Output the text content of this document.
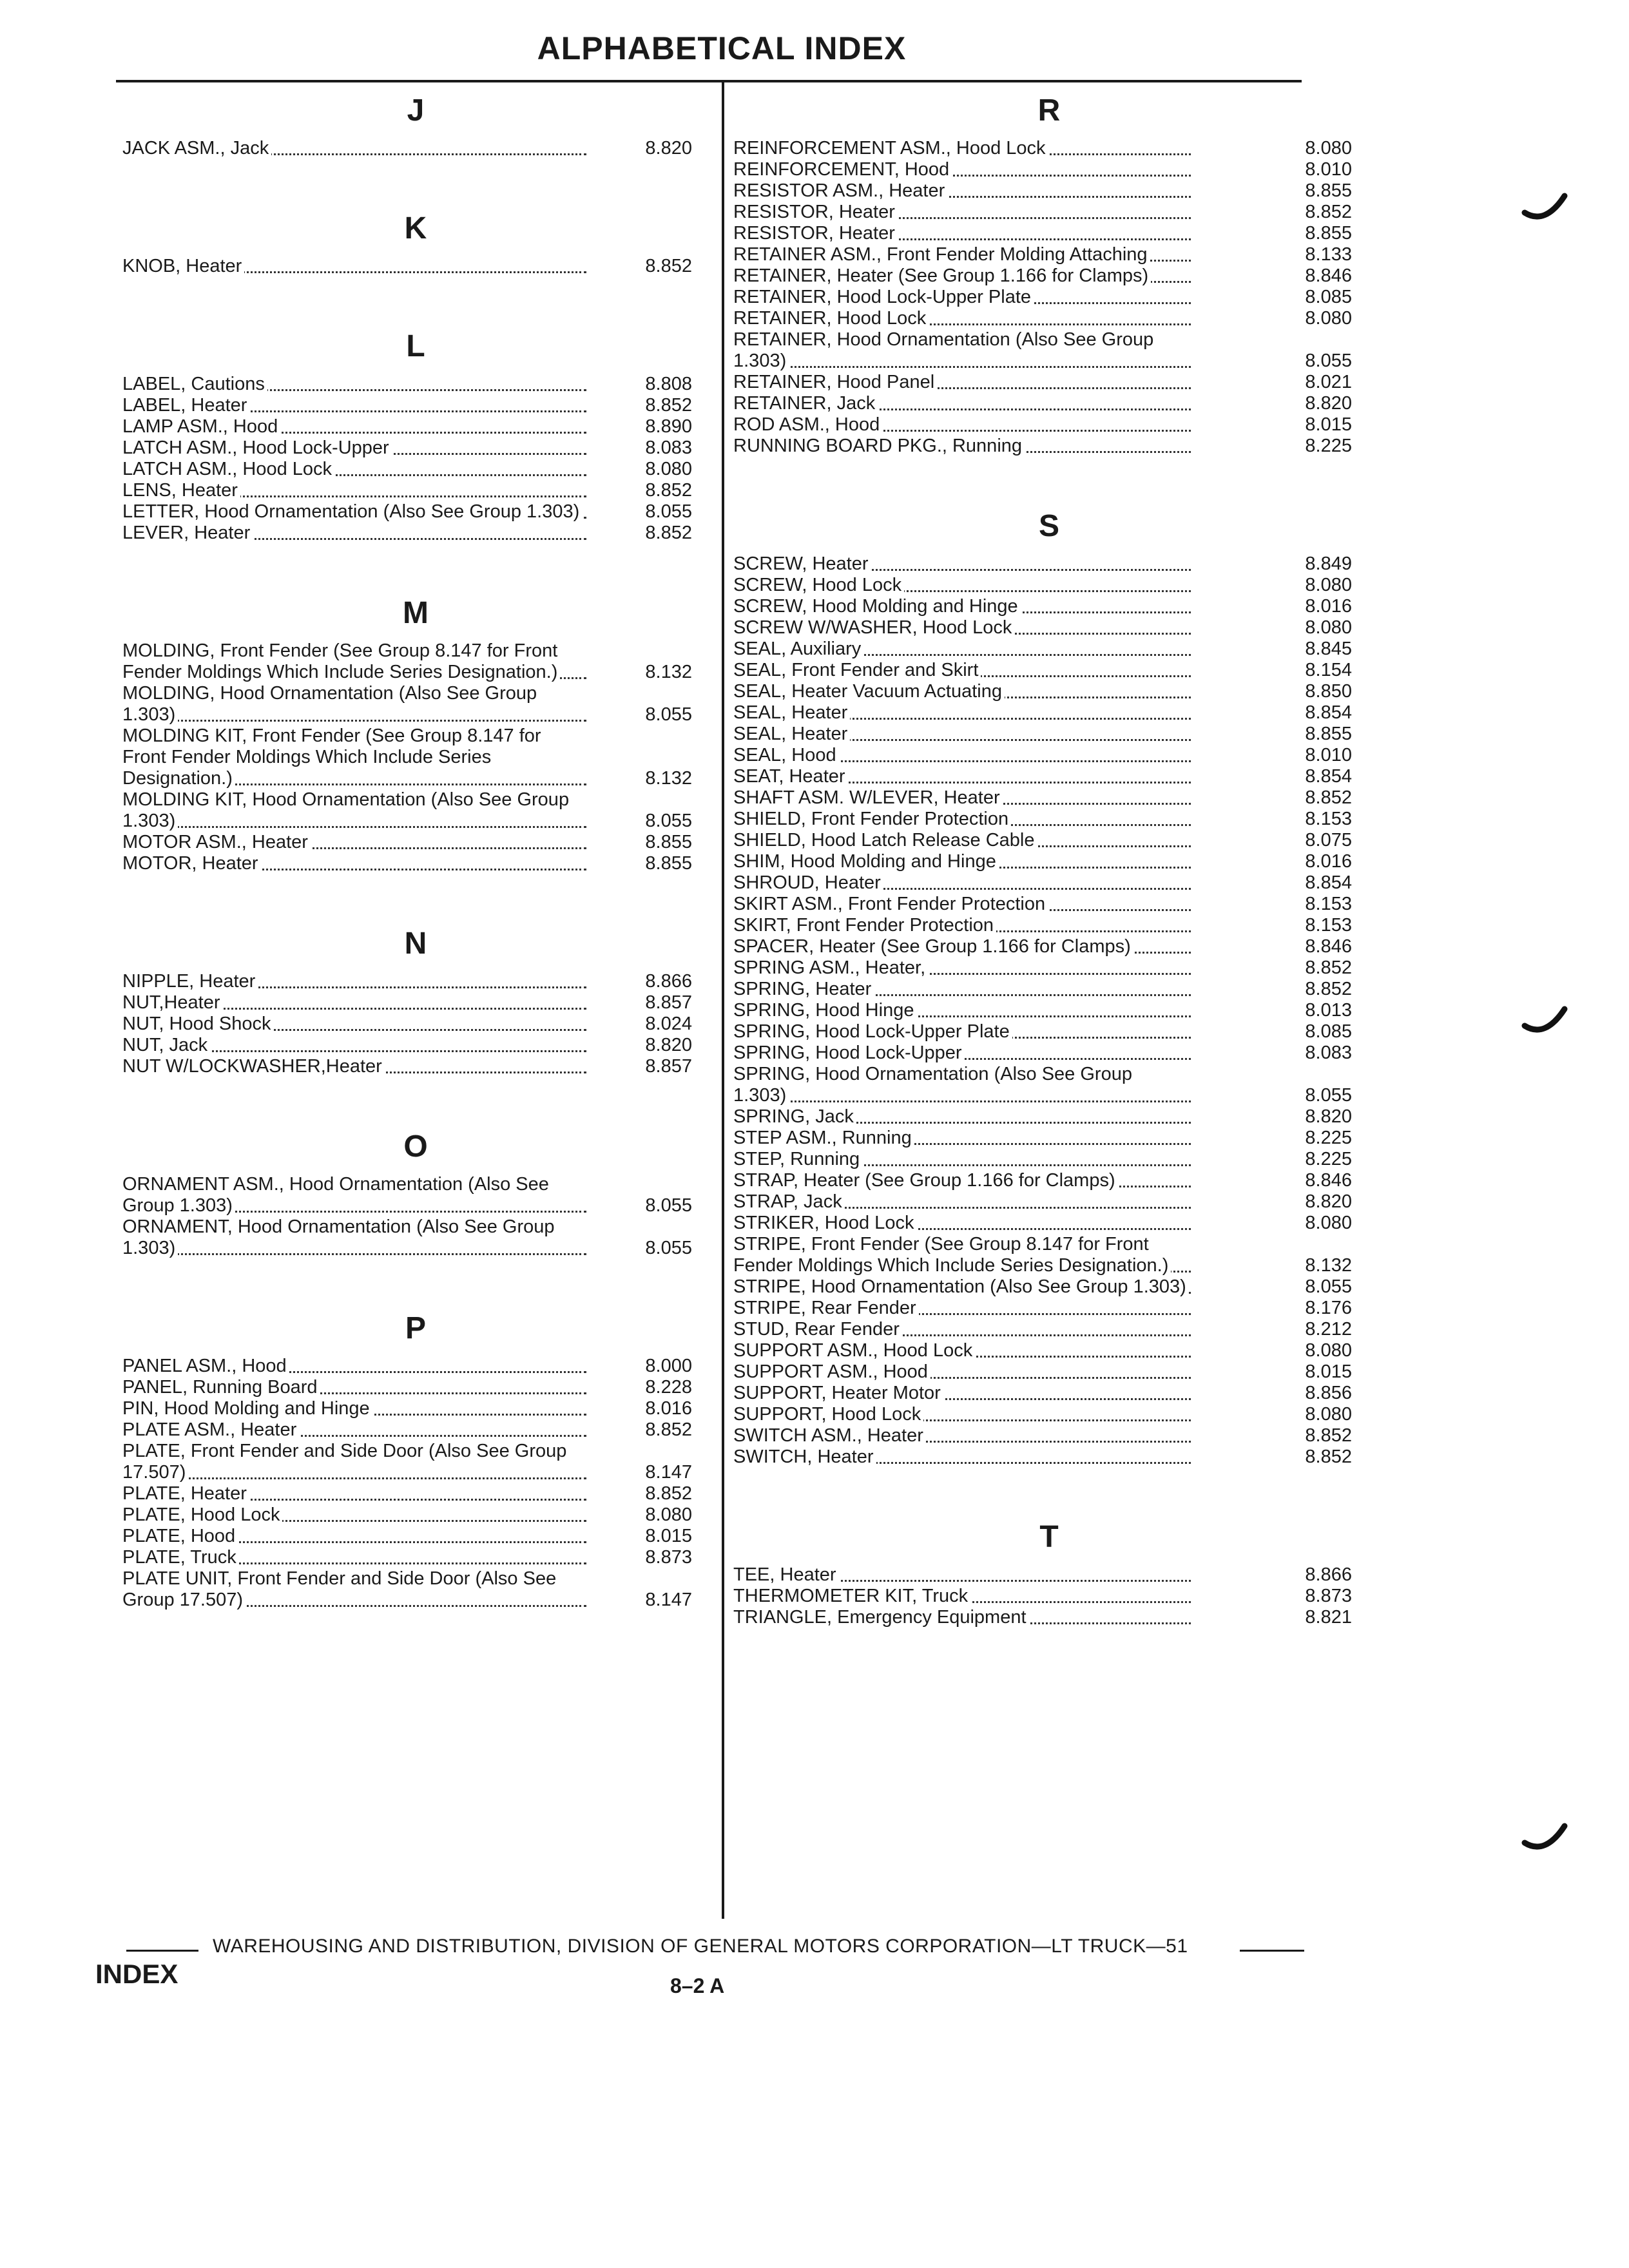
ALPHABETICAL INDEX
J
JACK ASM., Jack	8.820
K
KNOB, Heater	8.852
L
LABEL, Cautions	8.808
LABEL, Heater	8.852
LAMP ASM., Hood	8.890
LATCH ASM., Hood Lock-Upper	8.083
LATCH ASM., Hood Lock	8.080
LENS, Heater	8.852
LETTER, Hood Ornamentation (Also See Group 1.303)	8.055
LEVER, Heater	8.852
M
MOLDING, Front Fender (See Group 8.147 for Front Fender Moldings Which Include Series Designation.)	8.132
MOLDING, Hood Ornamentation (Also See Group 1.303)	8.055
MOLDING KIT, Front Fender (See Group 8.147 for Front Fender Moldings Which Include Series Designation.)	8.132
MOLDING KIT, Hood Ornamentation (Also See Group 1.303)	8.055
MOTOR ASM., Heater	8.855
MOTOR, Heater	8.855
N
NIPPLE, Heater	8.866
NUT,Heater	8.857
NUT, Hood Shock	8.024
NUT, Jack	8.820
NUT W/LOCKWASHER,Heater	8.857
O
ORNAMENT ASM., Hood Ornamentation (Also See Group 1.303)	8.055
ORNAMENT, Hood Ornamentation (Also See Group 1.303)	8.055
P
PANEL ASM., Hood	8.000
PANEL, Running Board	8.228
PIN, Hood Molding and Hinge	8.016
PLATE ASM., Heater	8.852
PLATE, Front Fender and Side Door (Also See Group 17.507)	8.147
PLATE, Heater	8.852
PLATE, Hood Lock	8.080
PLATE, Hood	8.015
PLATE, Truck	8.873
PLATE UNIT, Front Fender and Side Door (Also See Group 17.507)	8.147
R
REINFORCEMENT ASM., Hood Lock	8.080
REINFORCEMENT, Hood	8.010
RESISTOR ASM., Heater	8.855
RESISTOR, Heater	8.852
RESISTOR, Heater	8.855
RETAINER ASM., Front Fender Molding Attaching	8.133
RETAINER, Heater (See Group 1.166 for Clamps)	8.846
RETAINER, Hood Lock-Upper Plate	8.085
RETAINER, Hood Lock	8.080
RETAINER, Hood Ornamentation (Also See Group 1.303)	8.055
RETAINER, Hood Panel	8.021
RETAINER, Jack	8.820
ROD ASM., Hood	8.015
RUNNING BOARD PKG., Running	8.225
S
SCREW, Heater	8.849
SCREW, Hood Lock	8.080
SCREW, Hood Molding and Hinge	8.016
SCREW W/WASHER, Hood Lock	8.080
SEAL, Auxiliary	8.845
SEAL, Front Fender and Skirt	8.154
SEAL, Heater Vacuum Actuating	8.850
SEAL, Heater	8.854
SEAL, Heater	8.855
SEAL, Hood	8.010
SEAT, Heater	8.854
SHAFT ASM. W/LEVER, Heater	8.852
SHIELD, Front Fender Protection	8.153
SHIELD, Hood Latch Release Cable	8.075
SHIM, Hood Molding and Hinge	8.016
SHROUD, Heater	8.854
SKIRT ASM., Front Fender Protection	8.153
SKIRT, Front Fender Protection	8.153
SPACER, Heater (See Group 1.166 for Clamps)	8.846
SPRING ASM., Heater,	8.852
SPRING, Heater	8.852
SPRING, Hood Hinge	8.013
SPRING, Hood Lock-Upper Plate	8.085
SPRING, Hood Lock-Upper	8.083
SPRING, Hood Ornamentation (Also See Group 1.303)	8.055
SPRING, Jack	8.820
STEP ASM., Running	8.225
STEP, Running	8.225
STRAP, Heater (See Group 1.166 for Clamps)	8.846
STRAP, Jack	8.820
STRIKER, Hood Lock	8.080
STRIPE, Front Fender (See Group 8.147 for Front Fender Moldings Which Include Series Designation.)	8.132
STRIPE, Hood Ornamentation (Also See Group 1.303)	8.055
STRIPE, Rear Fender	8.176
STUD, Rear Fender	8.212
SUPPORT ASM., Hood Lock	8.080
SUPPORT ASM., Hood	8.015
SUPPORT, Heater Motor	8.856
SUPPORT, Hood Lock	8.080
SWITCH ASM., Heater	8.852
SWITCH, Heater	8.852
T
TEE, Heater	8.866
THERMOMETER KIT, Truck	8.873
TRIANGLE, Emergency Equipment	8.821
WAREHOUSING AND DISTRIBUTION, DIVISION OF GENERAL MOTORS CORPORATION—LT TRUCK—51
INDEX	8–2 A
